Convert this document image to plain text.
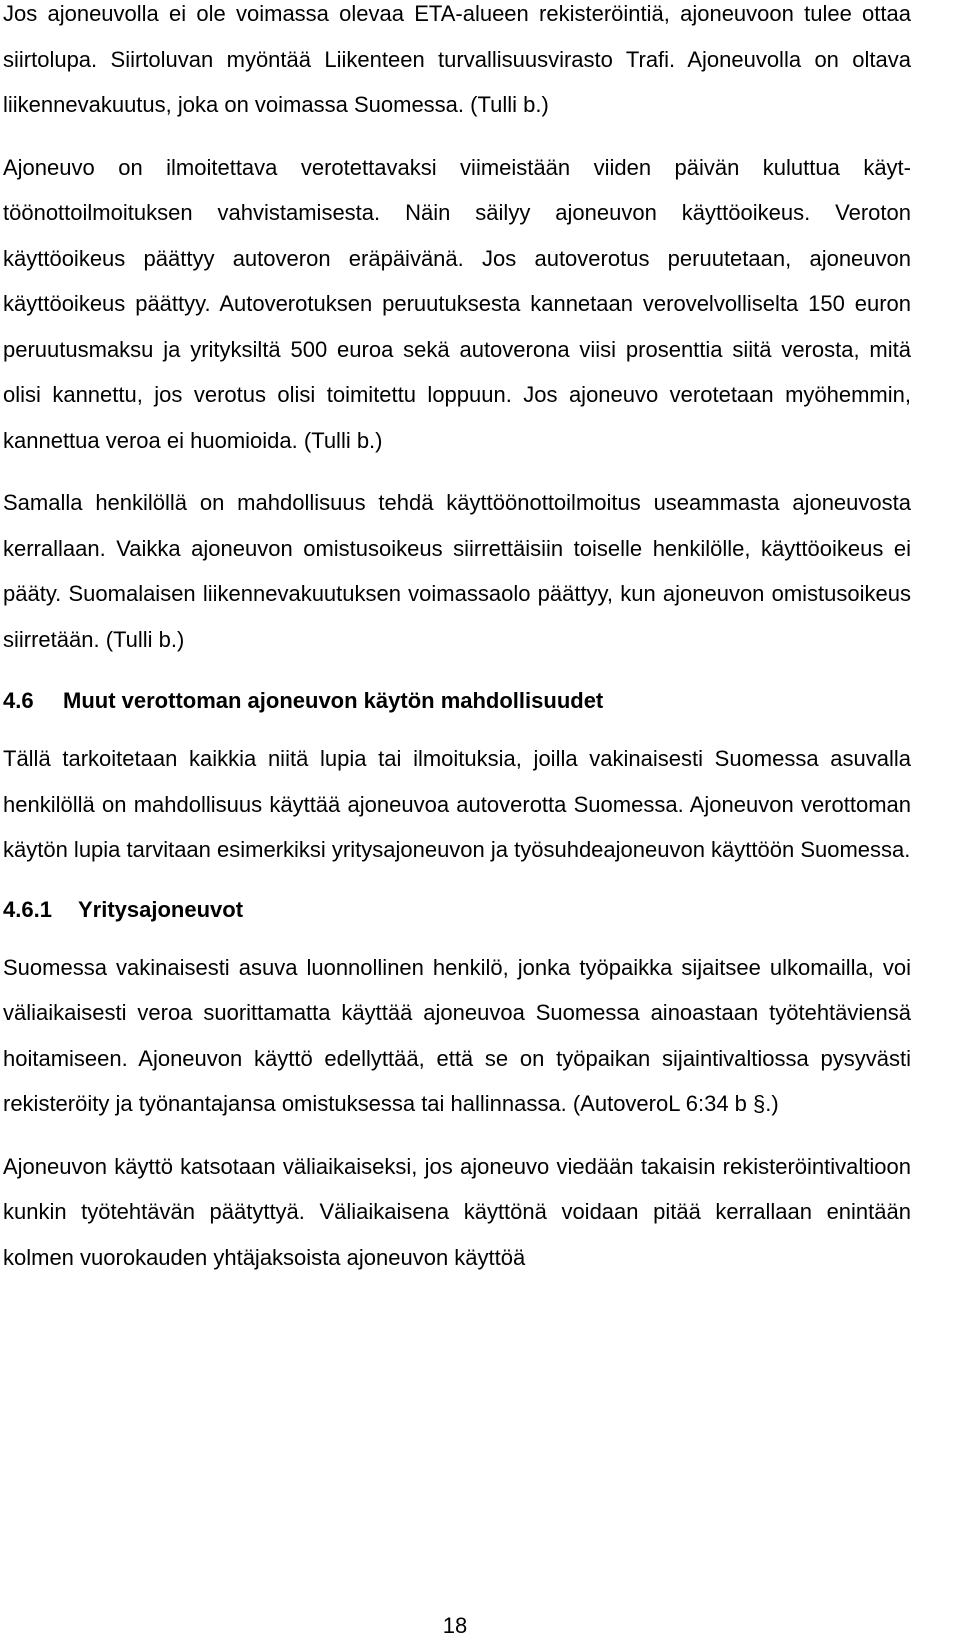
Jos ajoneuvolla ei ole voimassa olevaa ETA-alueen rekisteröintiä, ajoneuvoon tulee ottaa siirtolupa. Siirtoluvan myöntää Liikenteen turvallisuusvirasto Trafi. Ajoneuvolla on oltava liikennevakuutus, joka on voimassa Suomessa. (Tulli b.)

Ajoneuvo on ilmoitettava verotettavaksi viimeistään viiden päivän kuluttua käyttöönottoilmoituksen vahvistamisesta. Näin säilyy ajoneuvon käyttöoikeus. Veroton käyttöoikeus päättyy autoveron eräpäivänä. Jos autoverotus peruutetaan, ajoneuvon käyttöoikeus päättyy. Autoverotuksen peruutuksesta kannetaan verovelvolliselta 150 euron peruutusmaksu ja yrityksiltä 500 euroa sekä autoverona viisi prosenttia siitä verosta, mitä olisi kannettu, jos verotus olisi toimitettu loppuun. Jos ajoneuvo verotetaan myöhemmin, kannettua veroa ei huomioida. (Tulli b.)

Samalla henkilöllä on mahdollisuus tehdä käyttöönottoilmoitus useammasta ajoneuvosta kerrallaan. Vaikka ajoneuvon omistusoikeus siirrettäisiin toiselle henkilölle, käyttöoikeus ei pääty. Suomalaisen liikennevakuutuksen voimassaolo päättyy, kun ajoneuvon omistusoikeus siirretään. (Tulli b.)

4.6	Muut verottoman ajoneuvon käytön mahdollisuudet

Tällä tarkoitetaan kaikkia niitä lupia tai ilmoituksia, joilla vakinaisesti Suomessa asuvalla henkilöllä on mahdollisuus käyttää ajoneuvoa autoverotta Suomessa. Ajoneuvon verottoman käytön lupia tarvitaan esimerkiksi yritysajoneuvon ja työsuhdeajoneuvon käyttöön Suomessa.

4.6.1	Yritysajoneuvot

Suomessa vakinaisesti asuva luonnollinen henkilö, jonka työpaikka sijaitsee ulkomailla, voi väliaikaisesti veroa suorittamatta käyttää ajoneuvoa Suomessa ainoastaan työtehtäviensä hoitamiseen. Ajoneuvon käyttö edellyttää, että se on työpaikan sijaintivaltiossa pysyvästi rekisteröity ja työnantajansa omistuksessa tai hallinnassa. (AutoveroL 6:34 b §.)

Ajoneuvon käyttö katsotaan väliaikaiseksi, jos ajoneuvo viedään takaisin rekisteröintivaltioon kunkin työtehtävän päätyttyä. Väliaikaisena käyttönä voidaan pitää kerrallaan enintään kolmen vuorokauden yhtäjaksoista ajoneuvon käyttöä

18
